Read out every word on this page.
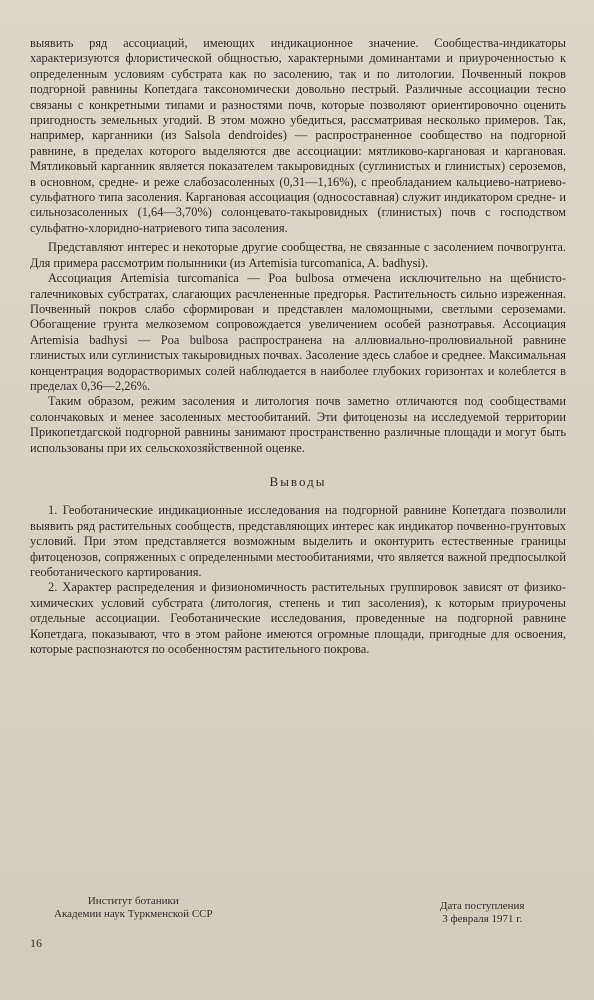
выявить ряд ассоциаций, имеющих индикационное значение. Сообщества-индикаторы характеризуются флористической общностью, характерными доминантами и приуроченностью к определенным условиям субстрата как по засолению, так и по литологии. Почвенный покров подгорной равнины Копетдага таксономически довольно пестрый. Различные ассоциации тесно связаны с конкретными типами и разностями почв, которые позволяют ориентировочно оценить пригодность земельных угодий. В этом можно убедиться, рассматривая несколько примеров. Так, например, карганники (из Salsola dendroides) — распространенное сообщество на подгорной равнине, в пределах которого выделяются две ассоциации: мятликово-каргановая и каргановая. Мятликовый карганник является показателем такыровидных (суглинистых и глинистых) сероземов, в основном, средне- и реже слабозасоленных (0,31—1,16%), с преобладанием кальциево-натриево-сульфатного типа засоления. Каргановая ассоциация (односоставная) служит индикатором средне- и сильнозасоленных (1,64—3,70%) солонцевато-такыровидных (глинистых) почв с господством сульфатно-хлоридно-натриевого типа засоления.

Представляют интерес и некоторые другие сообщества, не связанные с засолением почвогрунта. Для примера рассмотрим полынники (из Artemisia turcomanica, A. badhysi).

Ассоциация Artemisia turcomanica — Poa bulbosa отмечена исключительно на щебнисто-галечниковых субстратах, слагающих расчлененные предгорья. Растительность сильно изреженная. Почвенный покров слабо сформирован и представлен маломощными, светлыми сероземами. Обогащение грунта мелкоземом сопровождается увеличением особей разнотравья. Ассоциация Artemisia badhysi — Poa bulbosa распространена на аллювиально-пролювиальной равнине глинистых или суглинистых такыровидных почвах. Засоление здесь слабое и среднее. Максимальная концентрация водорастворимых солей наблюдается в наиболее глубоких горизонтах и колеблется в пределах 0,36—2,26%.

Таким образом, режим засоления и литология почв заметно отличаются под сообществами солончаковых и менее засоленных местообитаний. Эти фитоценозы на исследуемой территории Прикопетдагской подгорной равнины занимают пространственно различные площади и могут быть использованы при их сельскохозяйственной оценке.

Выводы

1. Геоботанические индикационные исследования на подгорной равнине Копетдага позволили выявить ряд растительных сообществ, представляющих интерес как индикатор почвенно-грунтовых условий. При этом представляется возможным выделить и оконтурить естественные границы фитоценозов, сопряженных с определенными местообитаниями, что является важной предпосылкой геоботанического картирования.

2. Характер распределения и физиономичность растительных группировок зависят от физико-химических условий субстрата (литология, степень и тип засоления), к которым приурочены отдельные ассоциации. Геоботанические исследования, проведенные на подгорной равнине Копетдага, показывают, что в этом районе имеются огромные площади, пригодные для освоения, которые распознаются по особенностям растительного покрова.

Институт ботаники
Академии наук Туркменской ССР
Дата поступления
3 февраля 1971 г.
16
